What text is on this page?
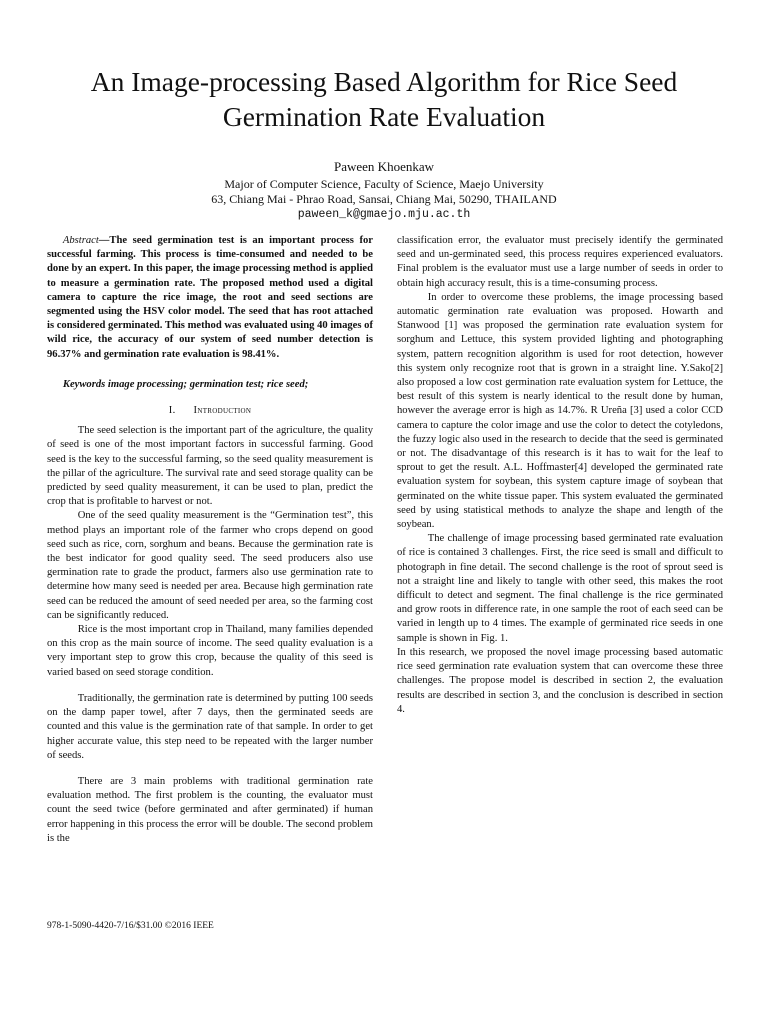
An Image-processing Based Algorithm for Rice Seed
Germination Rate Evaluation
Paween Khoenkaw
Major of Computer Science, Faculty of Science, Maejo University
63, Chiang Mai - Phrao Road, Sansai, Chiang Mai, 50290, THAILAND
paween_k@gmaejo.mju.ac.th

Abstract—The seed germination test is an important process for successful farming. This process is time-consumed and needed to be done by an expert. In this paper, the image processing method is applied to measure a germination rate. The proposed method used a digital camera to capture the rice image, the root and seed sections are segmented using the HSV color model. The seed that has root attached is considered germinated. This method was evaluated using 40 images of wild rice, the accuracy of our system of seed number detection is 96.37% and germination rate evaluation is 98.41%.

Keywords image processing; germination test; rice seed;

I. Introduction

The seed selection is the important part of the agriculture, the quality of seed is one of the most important factors in successful farming. Good seed is the key to the successful farming, so the seed quality measurement is the pillar of the agriculture. The survival rate and seed storage quality can be predicted by seed quality measurement, it can be used to plan, predict the crop that is profitable to harvest or not.

One of the seed quality measurement is the “Germination test”, this method plays an important role of the farmer who crops depend on good seed such as rice, corn, sorghum and beans. Because the germination rate is the best indicator for good quality seed. The seed producers also use germination rate to grade the product, farmers also use germination rate to determine how many seed is needed per area. Because high germination rate seed can be reduced the amount of seed needed per area, so the farming cost can be significantly reduced.

Rice is the most important crop in Thailand, many families depended on this crop as the main source of income. The seed quality evaluation is a very important step to grow this crop, because the quality of this seed is varied based on seed storage condition.

Traditionally, the germination rate is determined by putting 100 seeds on the damp paper towel, after 7 days, then the germinated seeds are counted and this value is the germination rate of that sample. In order to get higher accurate value, this step need to be repeated with the larger number of seeds.

There are 3 main problems with traditional germination rate evaluation method. The first problem is the counting, the evaluator must count the seed twice (before germinated and after germinated) if human error happening in this process the error will be double. The second problem is the

classification error, the evaluator must precisely identify the germinated seed and un-germinated seed, this process requires experienced evaluators. Final problem is the evaluator must use a large number of seeds in order to obtain high accuracy result, this is a time-consuming process.

In order to overcome these problems, the image processing based automatic germination rate evaluation was proposed. Howarth and Stanwood [1] was proposed the germination rate evaluation system for sorghum and Lettuce, this system provided lighting and photographing system, pattern recognition algorithm is used for root detection, however this system only recognize root that is grown in a straight line. Y.Sako[2] also proposed a low cost germination rate evaluation system for Lettuce, the best result of this system is nearly identical to the result done by human, however the average error is high as 14.7%. R Ureña [3] used a color CCD camera to capture the color image and use the color to detect the cotyledons, the fuzzy logic also used in the research to decide that the seed is germinated or not. The disadvantage of this research is it has to wait for the leaf to sprout to get the result. A.L. Hoffmaster[4] developed the germinated rate evaluation system for soybean, this system capture image of soybean that germinated on the white tissue paper. This system evaluated the germinated seed by using statistical methods to analyze the shape and length of the soybean.

The challenge of image processing based germinated rate evaluation of rice is contained 3 challenges. First, the rice seed is small and difficult to photograph in fine detail. The second challenge is the root of sprout seed is not a straight line and likely to tangle with other seed, this makes the root difficult to detect and segment. The final challenge is the rice germinated and grow roots in difference rate, in one sample the root of each seed can be varied in length up to 4 times. The example of germinated rice seeds in one sample is shown in Fig. 1.

In this research, we proposed the novel image processing based automatic rice seed germination rate evaluation system that can overcome these three challenges. The propose model is described in section 2, the evaluation results are described in section 3, and the conclusion is described in section 4.

978-1-5090-4420-7/16/$31.00 ©2016 IEEE
